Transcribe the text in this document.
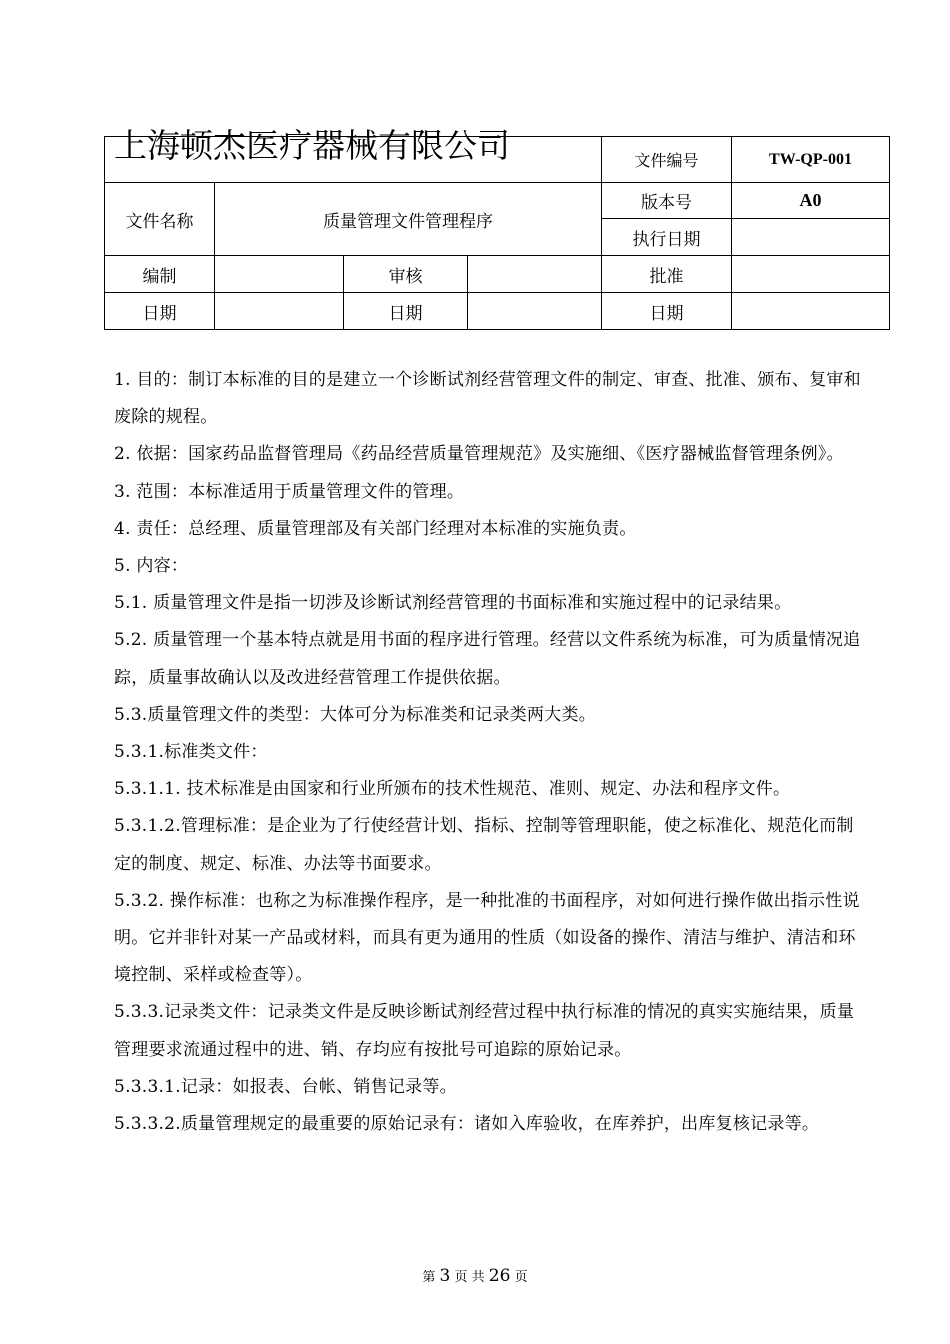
上海顿杰医疗器械有限公司
				文件编号	TW-QP-001
文件名称	质量管理文件管理程序			版本号	A0
				执行日期	
编制		审核		批准	
日期		日期		日期	

1. 目的：制订本标准的目的是建立一个诊断试剂经营管理文件的制定、审查、批准、颁布、复审和废除的规程。

2. 依据：国家药品监督管理局《药品经营质量管理规范》及实施细、《医疗器械监督管理条例》。

3. 范围：本标准适用于质量管理文件的管理。

4. 责任：总经理、质量管理部及有关部门经理对本标准的实施负责。

5. 内容：

5.1. 质量管理文件是指一切涉及诊断试剂经营管理的书面标准和实施过程中的记录结果。

5.2. 质量管理一个基本特点就是用书面的程序进行管理。经营以文件系统为标准，可为质量情况追踪，质量事故确认以及改进经营管理工作提供依据。

5.3.质量管理文件的类型：大体可分为标准类和记录类两大类。

5.3.1.标准类文件：

5.3.1.1. 技术标准是由国家和行业所颁布的技术性规范、准则、规定、办法和程序文件。

5.3.1.2.管理标准：是企业为了行使经营计划、指标、控制等管理职能，使之标准化、规范化而制定的制度、规定、标准、办法等书面要求。

5.3.2. 操作标准：也称之为标准操作程序，是一种批准的书面程序，对如何进行操作做出指示性说明。它并非针对某一产品或材料，而具有更为通用的性质（如设备的操作、清洁与维护、清洁和环境控制、采样或检查等）。

5.3.3.记录类文件：记录类文件是反映诊断试剂经营过程中执行标准的情况的真实实施结果，质量管理要求流通过程中的进、销、存均应有按批号可追踪的原始记录。

5.3.3.1.记录：如报表、台帐、销售记录等。

5.3.3.2.质量管理规定的最重要的原始记录有：诸如入库验收，在库养护，出库复核记录等。

第 3 页 共 26 页
